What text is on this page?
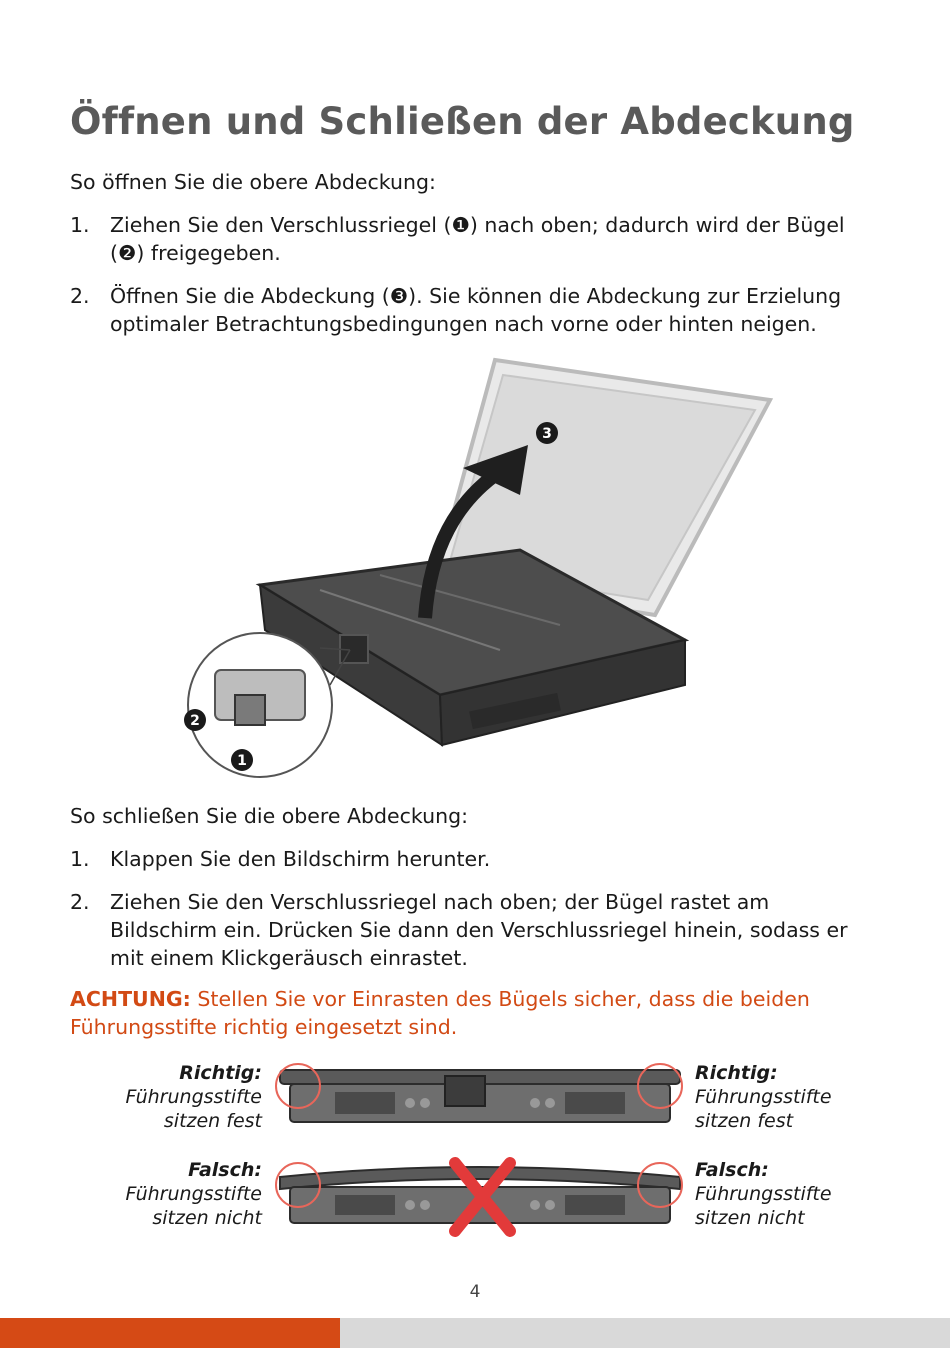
Öffnen und Schließen der Abdeckung

So öffnen Sie die obere Abdeckung:

1. Ziehen Sie den Verschlussriegel (❶) nach oben; dadurch wird der Bügel (❷) freigegeben.
2. Öffnen Sie die Abdeckung (❸). Sie können die Abdeckung zur Erzielung optimaler Betrachtungsbedingungen nach vorne oder hinten neigen.
3
2
1

So schließen Sie die obere Abdeckung:

1. Klappen Sie den Bildschirm herunter.
2. Ziehen Sie den Verschlussriegel nach oben; der Bügel rastet am Bildschirm ein. Drücken Sie dann den Verschlussriegel hinein, sodass er mit einem Klickgeräusch einrastet.

ACHTUNG: Stellen Sie vor Einrasten des Bügels sicher, dass die beiden Führungsstifte richtig eingesetzt sind.

Richtig:
Führungsstifte
sitzen fest
Richtig:
Führungsstifte
sitzen fest
Falsch:
Führungsstifte
sitzen nicht
Falsch:
Führungsstifte
sitzen nicht
4
